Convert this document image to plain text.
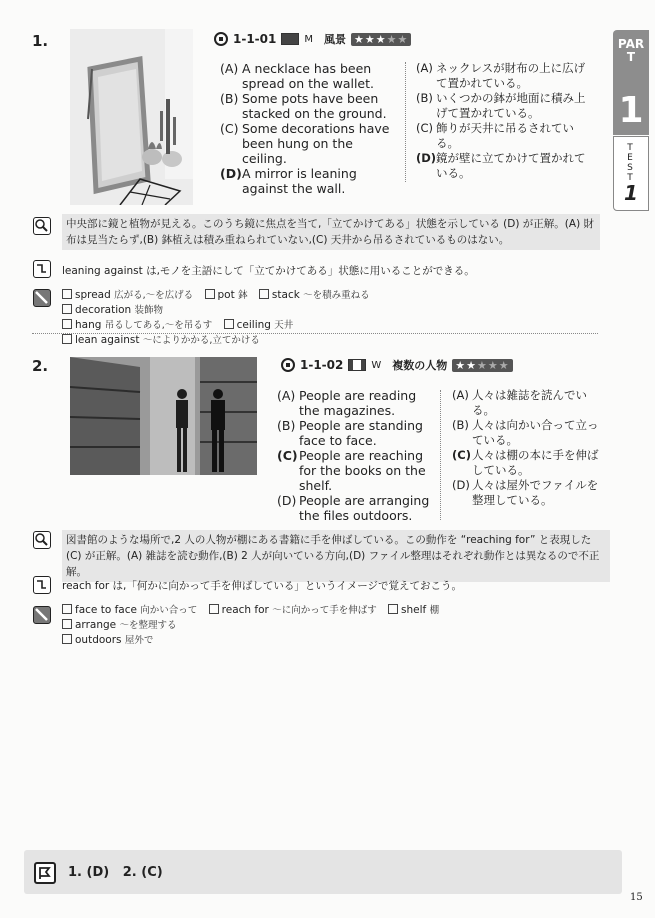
PART
1
TEST
1
1.	1-1-01	M 風景 ★★★★★
(A) A necklace has been spread on the wallet.
(B) Some pots have been stacked on the ground.
(C) Some decorations have been hung on the ceiling.
(D) A mirror is leaning against the wall.
(A) ネックレスが財布の上に広げて置かれている。
(B) いくつかの鉢が地面に積み上げて置かれている。
(C) 飾りが天井に吊るされている。
(D) 鏡が壁に立てかけて置かれている。
中央部に鏡と植物が見える。このうち鏡に焦点を当て,「立てかけてある」状態を示している (D) が正解。(A) 財布は見当たらず,(B) 鉢植えは積み重ねられていない,(C) 天井から吊るされているものはない。
leaning against は,モノを主語にして「立てかけてある」状態に用いることができる。
spread 広がる,〜を広げる pot 鉢 stack 〜を積み重ねる decoration 装飾物
hang 吊るしてある,〜を吊るす ceiling 天井 lean against 〜によりかかる,立てかける
2.	1-1-02	W 複数の人物 ★★★★★
(A) People are reading the magazines.
(B) People are standing face to face.
(C) People are reaching for the books on the shelf.
(D) People are arranging the files outdoors.
(A) 人々は雑誌を読んでいる。
(B) 人々は向かい合って立っている。
(C) 人々は棚の本に手を伸ばしている。
(D) 人々は屋外でファイルを整理している。
図書館のような場所で,2 人の人物が棚にある書籍に手を伸ばしている。この動作を “reaching for” と表現した (C) が正解。(A) 雑誌を読む動作,(B) 2 人が向いている方向,(D) ファイル整理はそれぞれ動作とは異なるので不正解。
reach for は,「何かに向かって手を伸ばしている」というイメージで覚えておこう。
face to face 向かい合って reach for 〜に向かって手を伸ばす shelf 棚 arrange 〜を整理する
outdoors 屋外で
1. (D)   2. (C)
15
